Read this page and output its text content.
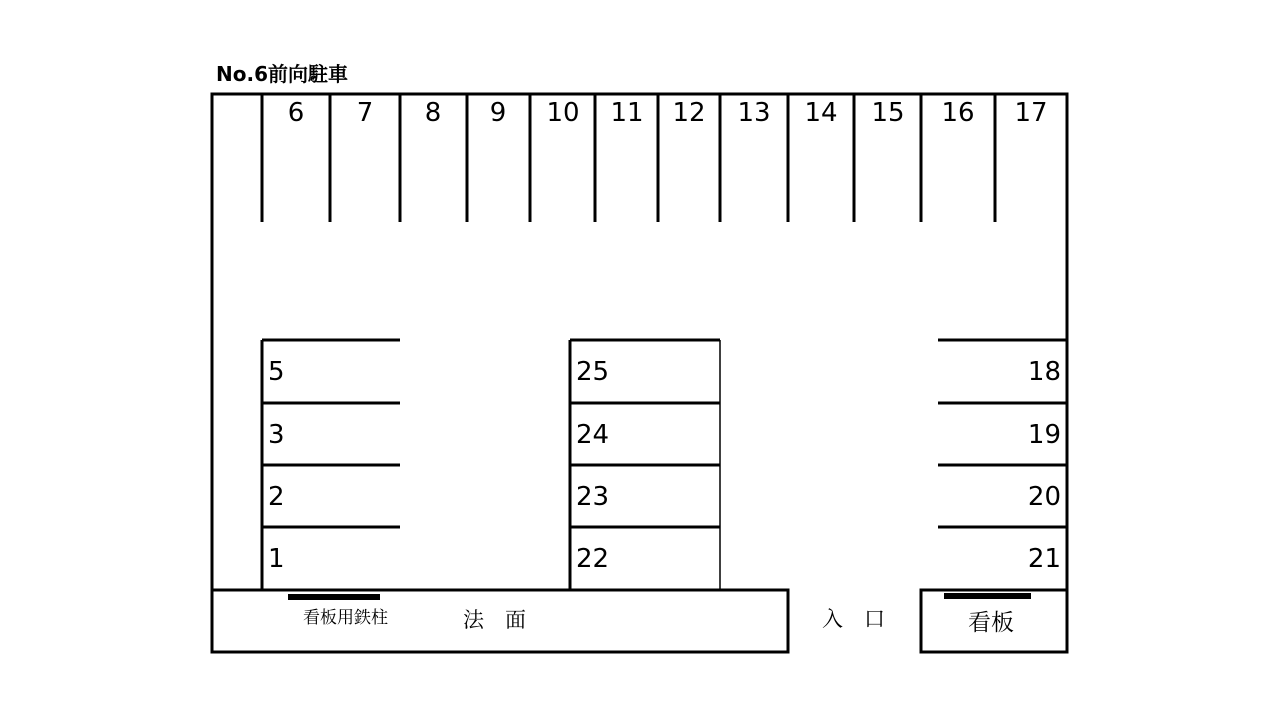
No.6前向駐車
6 7 8 9 10 11 12 13 14 15 16 17
5
3
2
1
25
24
23
22
18
19
20
21
看板用鉄柱	法　面	入　口	看板
